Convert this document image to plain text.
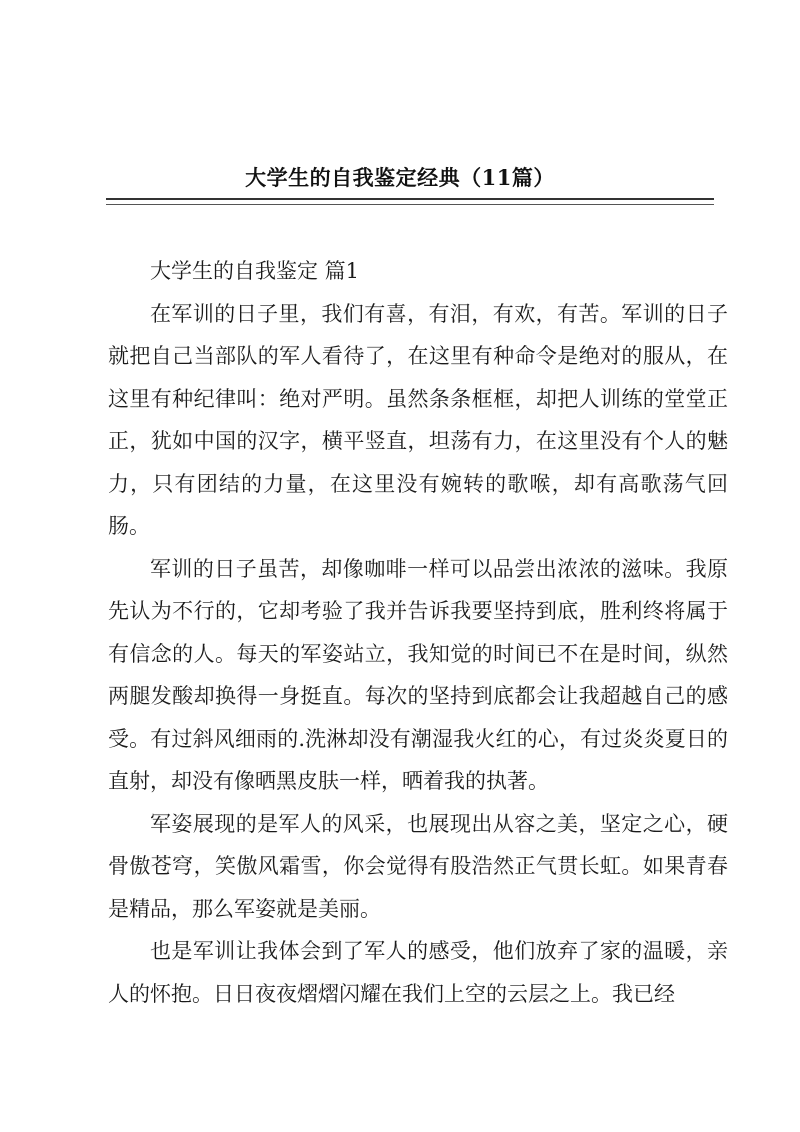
大学生的自我鉴定经典（11篇）
大学生的自我鉴定 篇1

在军训的日子里，我们有喜，有泪，有欢，有苦。军训的日子就把自己当部队的军人看待了，在这里有种命令是绝对的服从，在这里有种纪律叫：绝对严明。虽然条条框框，却把人训练的堂堂正正，犹如中国的汉字，横平竖直，坦荡有力，在这里没有个人的魅力，只有团结的力量，在这里没有婉转的歌喉，却有高歌荡气回肠。

军训的日子虽苦，却像咖啡一样可以品尝出浓浓的滋味。我原先认为不行的，它却考验了我并告诉我要坚持到底，胜利终将属于有信念的人。每天的军姿站立，我知觉的时间已不在是时间，纵然两腿发酸却换得一身挺直。每次的坚持到底都会让我超越自己的感受。有过斜风细雨的.洗淋却没有潮湿我火红的心，有过炎炎夏日的直射，却没有像晒黑皮肤一样，晒着我的执著。

军姿展现的是军人的风采，也展现出从容之美，坚定之心，硬骨傲苍穹，笑傲风霜雪，你会觉得有股浩然正气贯长虹。如果青春是精品，那么军姿就是美丽。

也是军训让我体会到了军人的感受，他们放弃了家的温暖，亲人的怀抱。日日夜夜熠熠闪耀在我们上空的云层之上。我已经
